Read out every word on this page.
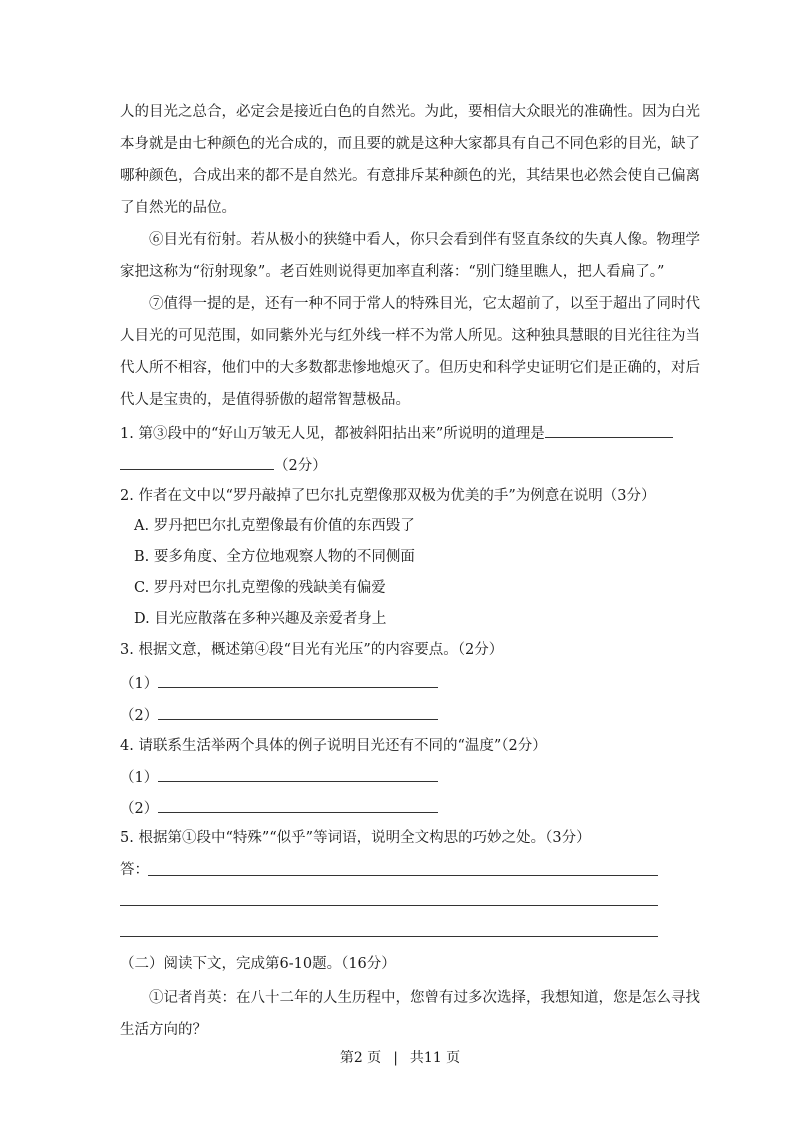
人的目光之总合，必定会是接近白色的自然光。为此，要相信大众眼光的准确性。因为白光
本身就是由七种颜色的光合成的，而且要的就是这种大家都具有自己不同色彩的目光，缺了
哪种颜色，合成出来的都不是自然光。有意排斥某种颜色的光，其结果也必然会使自己偏离
了自然光的品位。
⑥目光有衍射。若从极小的狭缝中看人，你只会看到伴有竖直条纹的失真人像。物理学
家把这称为“衍射现象”。老百姓则说得更加率直利落：“别门缝里瞧人，把人看扁了。”
⑦值得一提的是，还有一种不同于常人的特殊目光，它太超前了，以至于超出了同时代
人目光的可见范围，如同紫外光与红外线一样不为常人所见。这种独具慧眼的目光往往为当
代人所不相容，他们中的大多数都悲惨地熄灭了。但历史和科学史证明它们是正确的，对后
代人是宝贵的，是值得骄傲的超常智慧极品。
1. 第③段中的“好山万皱无人见，都被斜阳拈出来”所说明的道理是
（2分）
2. 作者在文中以“罗丹敲掉了巴尔扎克塑像那双极为优美的手”为例意在说明（3分）
A. 罗丹把巴尔扎克塑像最有价值的东西毁了
B. 要多角度、全方位地观察人物的不同侧面
C. 罗丹对巴尔扎克塑像的残缺美有偏爱
D. 目光应散落在多种兴趣及亲爱者身上
3. 根据文意，概述第④段“目光有光压”的内容要点。（2分）
（1）
（2）
4. 请联系生活举两个具体的例子说明目光还有不同的“温度”（2分）
（1）
（2）
5. 根据第①段中“特殊”“似乎”等词语，说明全文构思的巧妙之处。（3分）
答：
（二）阅读下文，完成第6-10题。（16分）
①记者肖英：在八十二年的人生历程中，您曾有过多次选择，我想知道，您是怎么寻找
生活方向的？
第2 页 | 共11 页
